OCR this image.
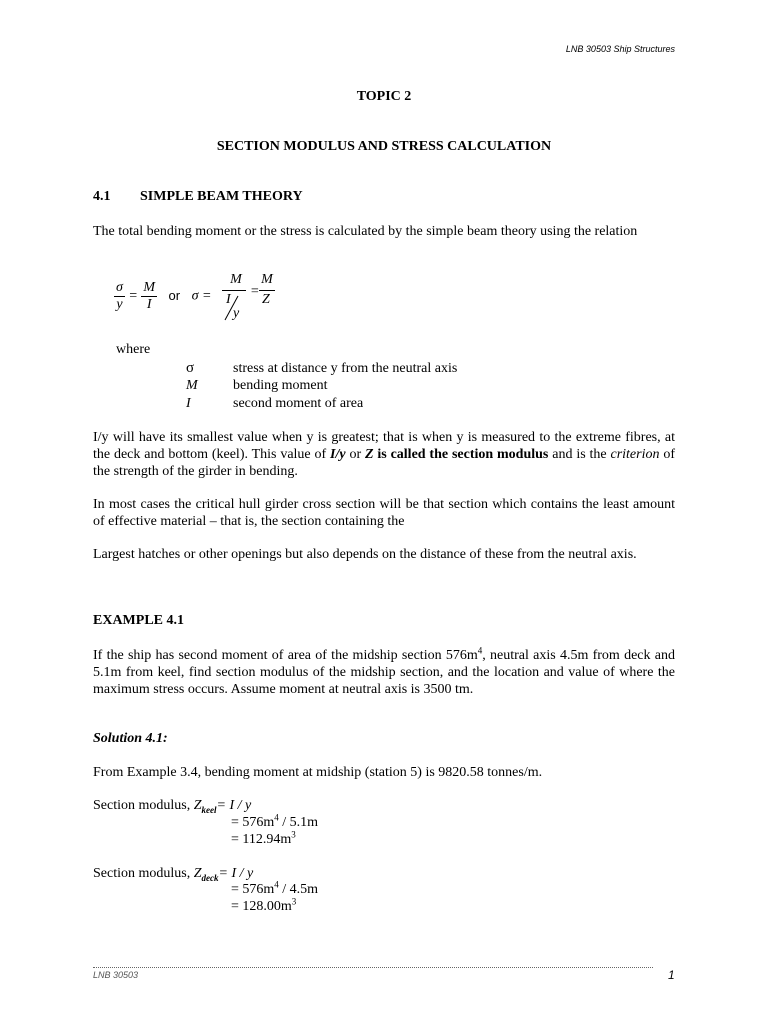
LNB 30503 Ship Structures
TOPIC 2
SECTION MODULUS AND STRESS CALCULATION
4.1 SIMPLE BEAM THEORY
The total bending moment or the stress is calculated by the simple beam theory using the relation
$\frac{\sigma}{y} = \frac{M}{I}$ or σ =
M
I
y
=
M
Z
where
σ	stress at distance y from the neutral axis
M	bending moment
I	second moment of area
I/y will have its smallest value when y is greatest; that is when y is measured to the extreme fibres, at the deck and bottom (keel). This value of I/y or Z is called the section modulus and is the criterion of the strength of the girder in bending.
In most cases the critical hull girder cross section will be that section which contains the least amount of effective material – that is, the section containing the
Largest hatches or other openings but also depends on the distance of these from the neutral axis.
EXAMPLE 4.1
If the ship has second moment of area of the midship section $576m^4$, neutral axis 4.5m from deck and 5.1m from keel, find section modulus of the midship section, and the location and value of where the maximum stress occurs. Assume moment at neutral axis is 3500 tm.
Solution 4.1:
From Example 3.4, bending moment at midship (station 5) is 9820.58 tonnes/m.
Section modulus, $Z_{keel}= I / y$
= $576m^4 / 5.1m$
= $112.94m^3$
Section modulus, $Z_{deck}= I / y$
= $576m^4 / 4.5m$
= $128.00m^3$
LNB 30503	1
